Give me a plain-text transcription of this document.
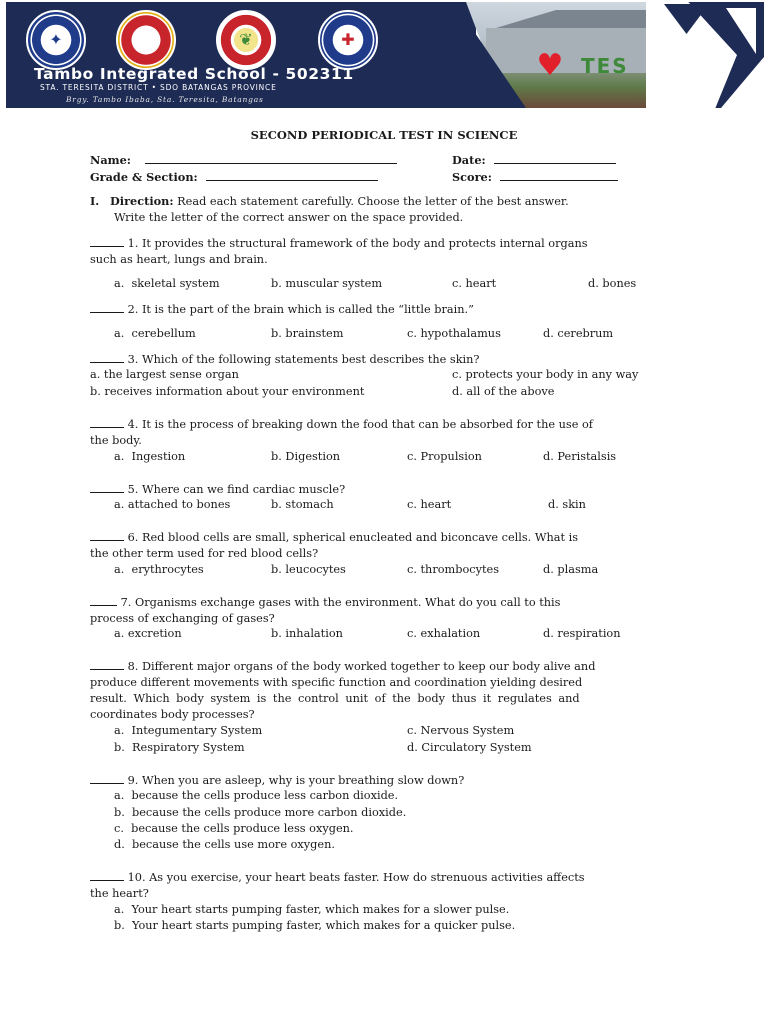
♥ TES
✦	✪	❦	✚
Tambo Integrated School - 502311
STA. TERESITA DISTRICT • SDO BATANGAS PROVINCE
Brgy. Tambo Ibaba, Sta. Teresita, Batangas
SECOND PERIODICAL TEST IN SCIENCE
Name:	Date:
Grade & Section:	Score:
I. Direction: Read each statement carefully. Choose the letter of the best answer.
Write the letter of the correct answer on the space provided.
1. It provides the structural framework of the body and protects internal organs
such as heart, lungs and brain.
a.  skeletal system	b. muscular system	c. heart	d. bones
2. It is the part of the brain which is called the “little brain.”
a.  cerebellum	b. brainstem	c. hypothalamus	d. cerebrum
3. Which of the following statements best describes the skin?
a. the largest sense organ	c. protects your body in any way
b. receives information about your environment	d. all of the above
4. It is the process of breaking down the food that can be absorbed for the use of
the body.
a.  Ingestion	b. Digestion	c. Propulsion	d. Peristalsis
5. Where can we find cardiac muscle?
a. attached to bones	b. stomach	c. heart	d. skin
6. Red blood cells are small, spherical enucleated and biconcave cells. What is
the other term used for red blood cells?
a.  erythrocytes	b. leucocytes	c. thrombocytes	d. plasma
7. Organisms exchange gases with the environment. What do you call to this
process of exchanging of gases?
a. excretion	b. inhalation	c. exhalation	d. respiration
8. Different major organs of the body worked together to keep our body alive and
produce different movements with specific function and coordination yielding desired
result. Which body system is the control unit of the body thus it regulates and
coordinates body processes?
a.  Integumentary System	c. Nervous System
b.  Respiratory System	d. Circulatory System
9. When you are asleep, why is your breathing slow down?
a.  because the cells produce less carbon dioxide.
b.  because the cells produce more carbon dioxide.
c.  because the cells produce less oxygen.
d.  because the cells use more oxygen.
10. As you exercise, your heart beats faster. How do strenuous activities affects
the heart?
a.  Your heart starts pumping faster, which makes for a slower pulse.
b.  Your heart starts pumping faster, which makes for a quicker pulse.
